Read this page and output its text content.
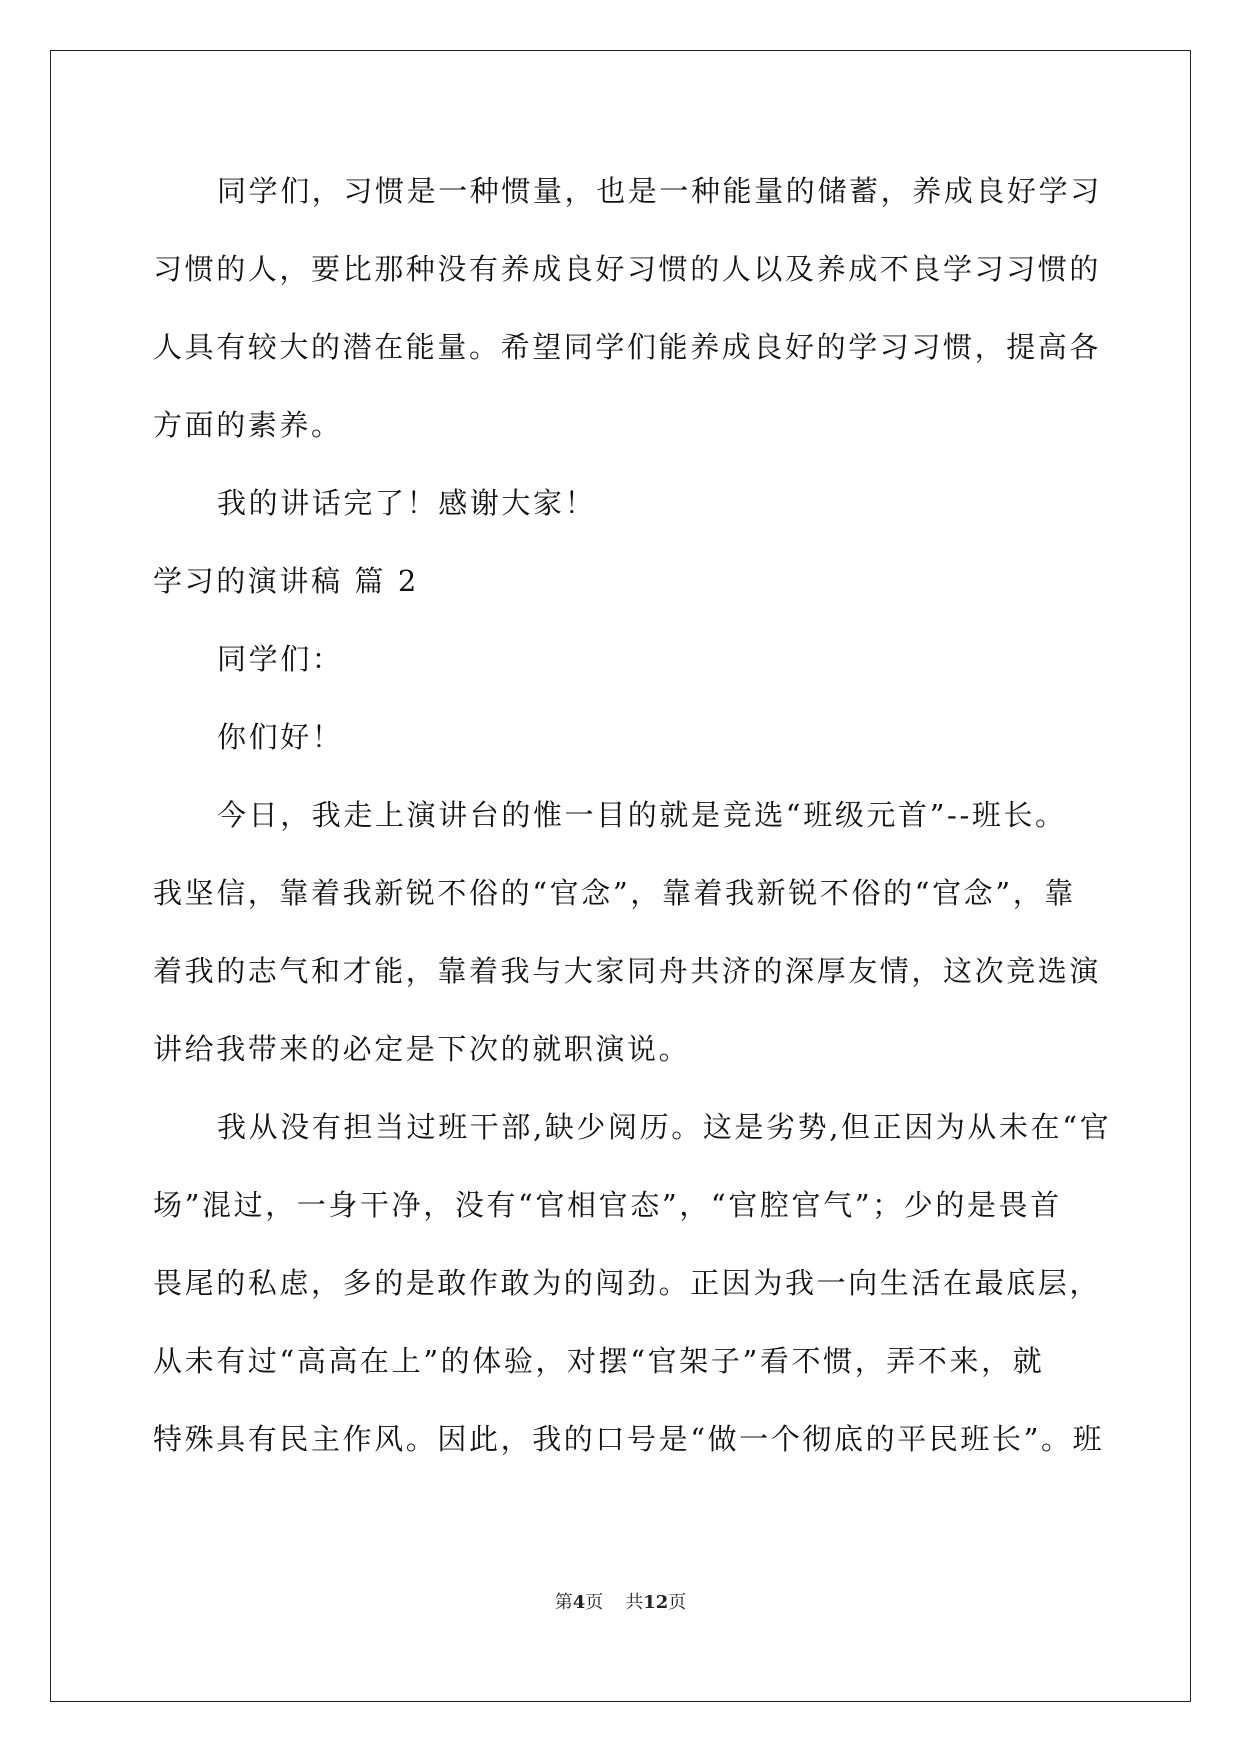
同学们，习惯是一种惯量，也是一种能量的储蓄，养成良好学习
习惯的人，要比那种没有养成良好习惯的人以及养成不良学习习惯的
人具有较大的潜在能量。希望同学们能养成良好的学习习惯，提高各
方面的素养。
我的讲话完了！感谢大家！
学习的演讲稿 篇 2
同学们：
你们好！
今日，我走上演讲台的惟一目的就是竞选“班级元首”--班长。
我坚信，靠着我新锐不俗的“官念”，靠着我新锐不俗的“官念”，靠
着我的志气和才能，靠着我与大家同舟共济的深厚友情，这次竞选演
讲给我带来的必定是下次的就职演说。
我从没有担当过班干部,缺少阅历。这是劣势,但正因为从未在“官
场”混过，一身干净，没有“官相官态”，“官腔官气”；少的是畏首
畏尾的私虑，多的是敢作敢为的闯劲。正因为我一向生活在最底层，
从未有过“高高在上”的体验，对摆“官架子”看不惯，弄不来，就
特殊具有民主作风。因此，我的口号是“做一个彻底的平民班长”。班
第4页 共12页
